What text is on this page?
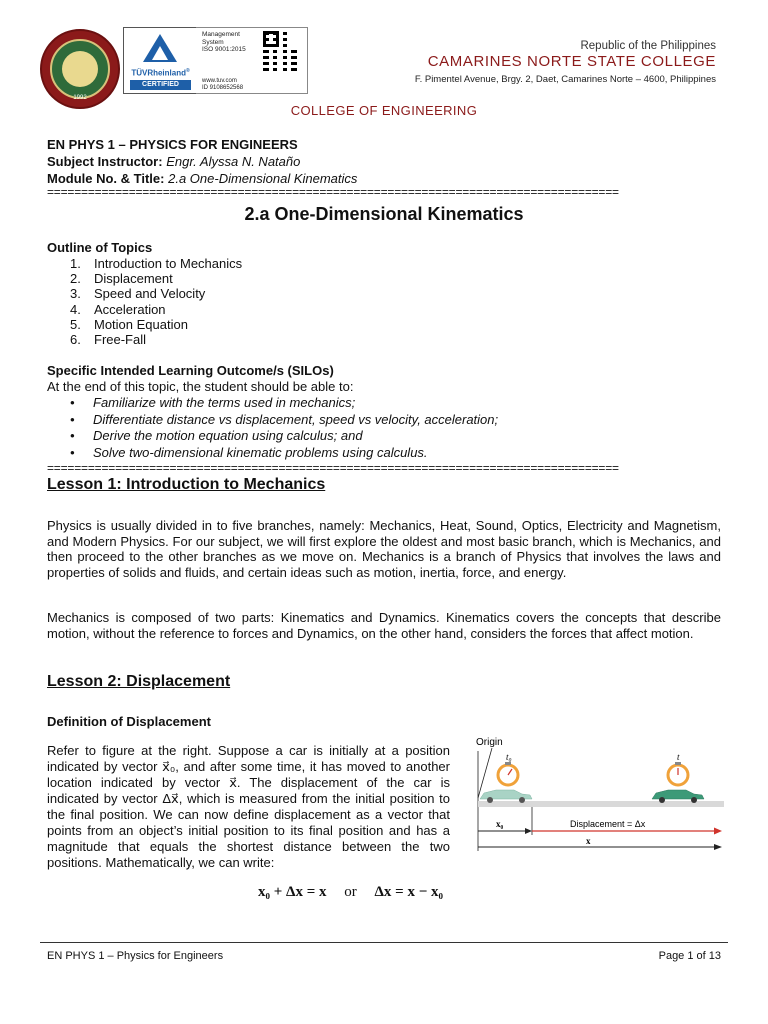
1992
TÜVRheinland®
CERTIFIED
Management
System
ISO 9001:2015
www.tuv.com
ID 9108652568
Republic of the Philippines
CAMARINES NORTE STATE COLLEGE
F. Pimentel Avenue, Brgy. 2, Daet, Camarines Norte – 4600, Philippines
COLLEGE OF ENGINEERING
EN PHYS 1 – PHYSICS FOR ENGINEERS
Subject Instructor: Engr. Alyssa N. Nataño
Module No. & Title: 2.a One-Dimensional Kinematics
====================================================================================
2.a One-Dimensional Kinematics
Outline of Topics
1. Introduction to Mechanics
2. Displacement
3. Speed and Velocity
4. Acceleration
5. Motion Equation
6. Free-Fall
Specific Intended Learning Outcome/s (SILOs)
At the end of this topic, the student should be able to:
• Familiarize with the terms used in mechanics;
• Differentiate distance vs displacement, speed vs velocity, acceleration;
• Derive the motion equation using calculus; and
• Solve two-dimensional kinematic problems using calculus.
====================================================================================
Lesson 1: Introduction to Mechanics
Physics is usually divided in to five branches, namely: Mechanics, Heat, Sound, Optics, Electricity and Magnetism, and Modern Physics. For our subject, we will first explore the oldest and most basic branch, which is Mechanics, and then proceed to the other branches as we move on. Mechanics is a branch of Physics that involves the laws and properties of solids and fluids, and certain ideas such as motion, inertia, force, and energy.
Mechanics is composed of two parts: Kinematics and Dynamics. Kinematics covers the concepts that describe motion, without the reference to forces and Dynamics, on the other hand, considers the forces that affect motion.
Lesson 2: Displacement
Definition of Displacement
Refer to figure at the right. Suppose a car is initially at a position indicated by vector x⃗₀, and after some time, it has moved to another location indicated by vector x⃗. The displacement of the car is indicated by vector Δx⃗, which is measured from the initial position to the final position. We can now define displacement as a vector that points from an object’s initial position to its final position and has a magnitude that equals the shortest distance between the two positions. Mathematically, we can write:
x₀ + Δx = x or Δx = x − x₀
Origin
t₀	t
x₀	Displacement = Δx
x
EN PHYS 1 – Physics for Engineers	Page 1 of 13
